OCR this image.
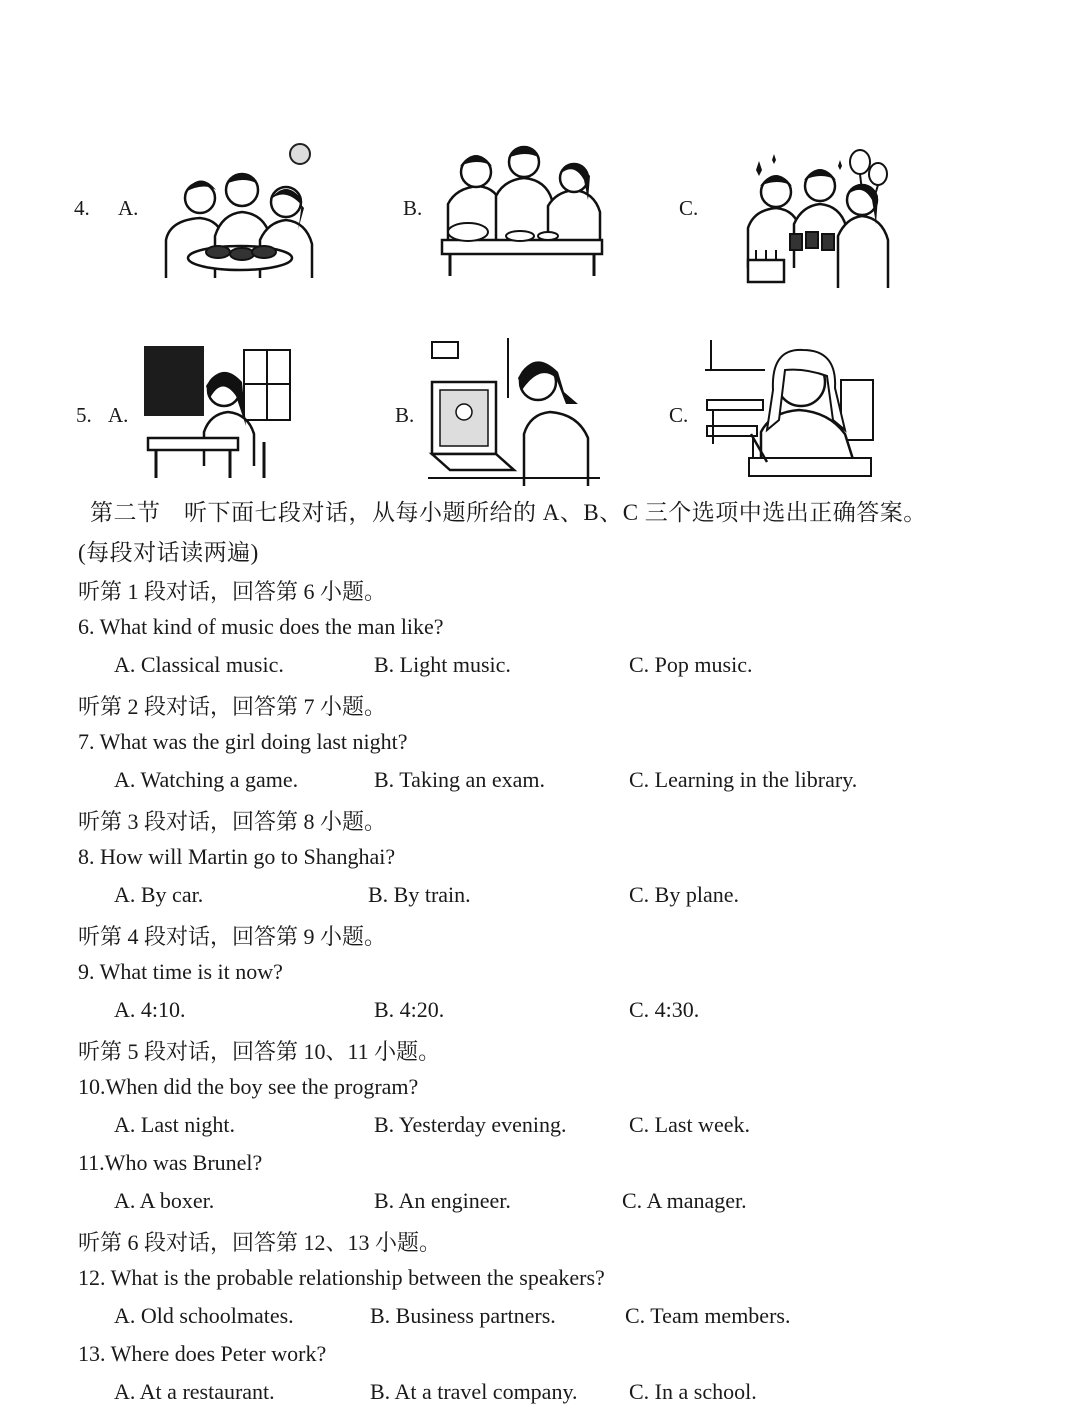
4. A.	B.	C.
5. A.	B.	C.
第二节　听下面七段对话，从每小题所给的 A、B、C 三个选项中选出正确答案。
(每段对话读两遍)
听第 1 段对话，回答第 6 小题。
6. What kind of music does the man like?
A. Classical music.	B. Light music.	C. Pop music.
听第 2 段对话，回答第 7 小题。
7. What was the girl doing last night?
A. Watching a game.	B. Taking an exam.	C. Learning in the library.
听第 3 段对话，回答第 8 小题。
8. How will Martin go to Shanghai?
A. By car.	B. By train.	C. By plane.
听第 4 段对话，回答第 9 小题。
9. What time is it now?
A. 4:10.	B. 4:20.	C. 4:30.
听第 5 段对话，回答第 10、11 小题。
10.When did the boy see the program?
A. Last night.	B. Yesterday evening.	C. Last week.
11.Who was Brunel?
A. A boxer.	B. An engineer.	C. A manager.
听第 6 段对话，回答第 12、13 小题。
12. What is the probable relationship between the speakers?
A. Old schoolmates.	B. Business partners.	C. Team members.
13. Where does Peter work?
A. At a restaurant.	B. At a travel company. C. In a school.
